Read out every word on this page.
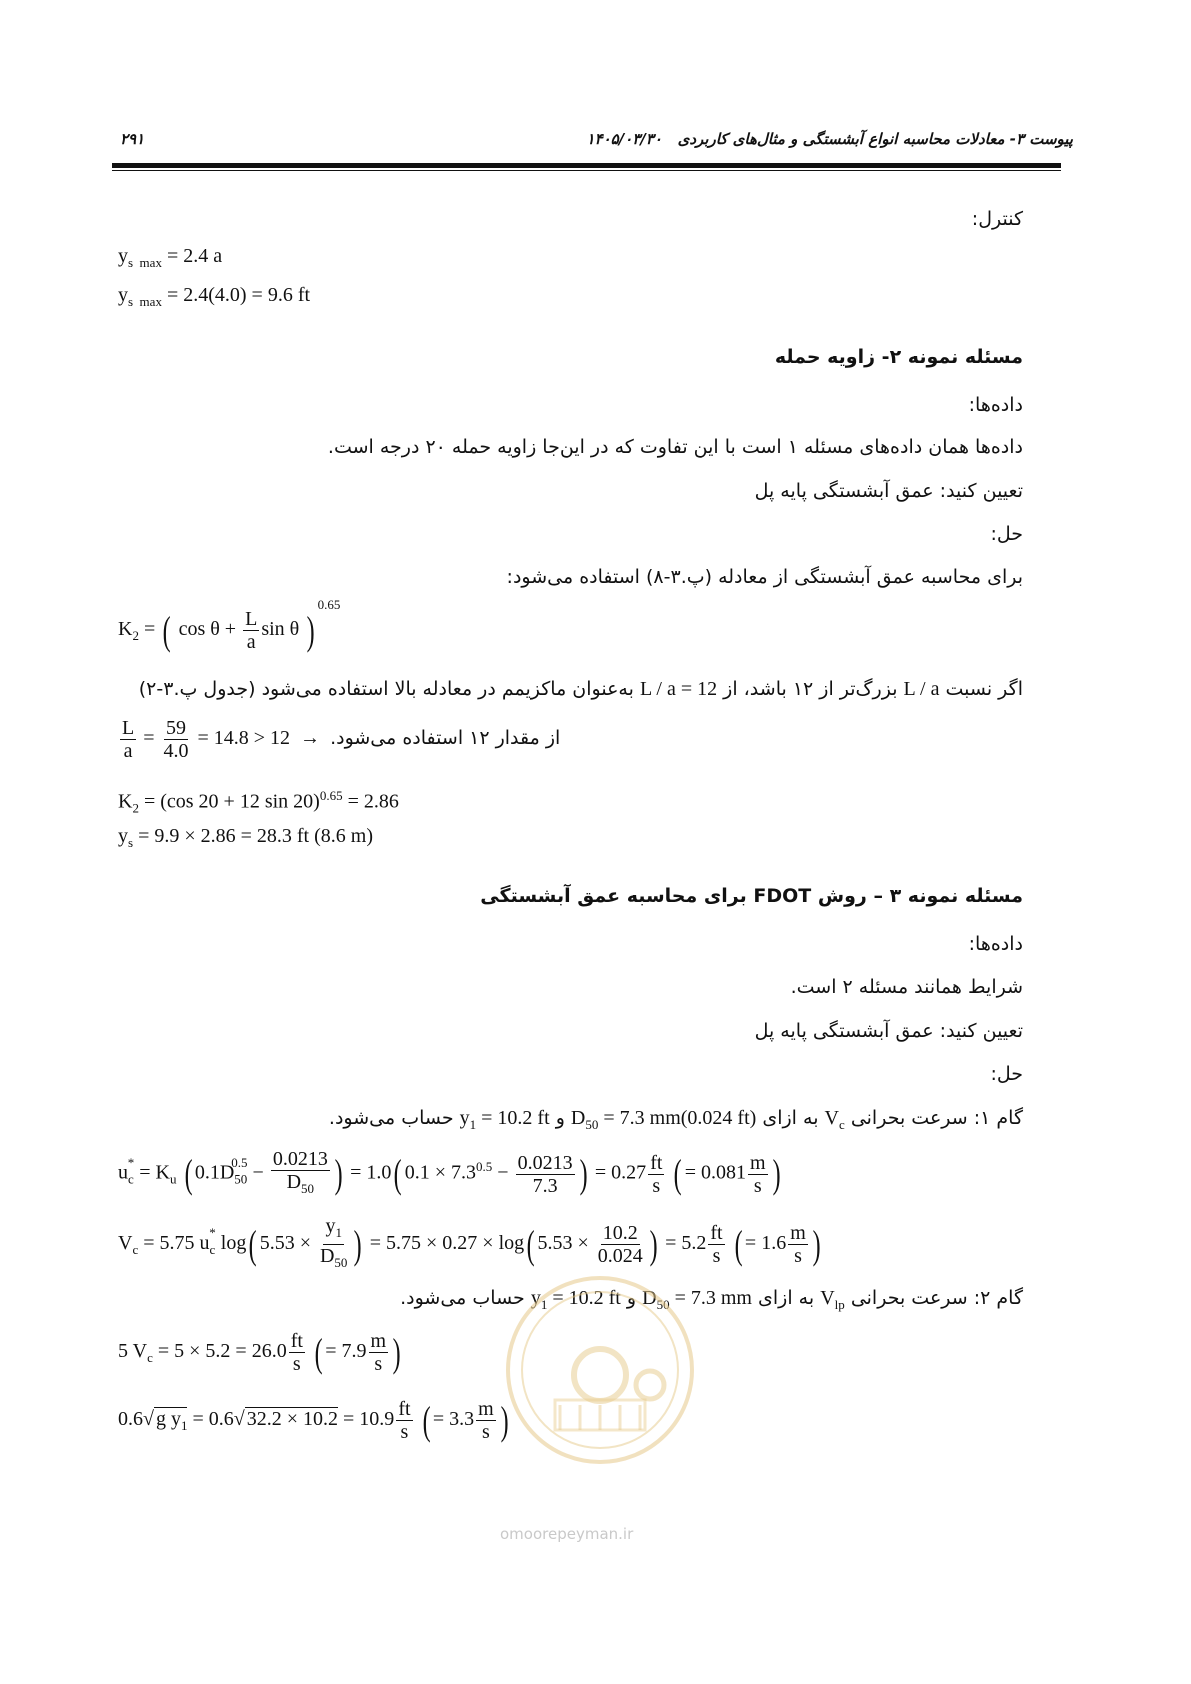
پیوست ۳- معادلات محاسبه انواع آبشستگی و مثال‌های کاربردی   ۱۴۰۵/۰۳/۳۰
۲۹۱
کنترل:
$y_{s max} = 2.4$ a
$y_{s max} = 2.4(4.0) = 9.6$ ft
مسئله نمونه ۲- زاویه حمله
داده‌ها:
داده‌ها همان داده‌های مسئله ۱ است با این تفاوت که در این‌جا زاویه حمله ۲۰ درجه است.
تعیین کنید: عمق آبشستگی پایه پل
حل:
برای محاسبه عمق آبشستگی از معادله (پ.۳-۸) استفاده می‌شود:
$K_2$ = ( $\cos \theta + \frac{L}{a}$ sin θ )$^{0.65}$
اگر نسبت L / a بزرگ‌تر از ۱۲ باشد، از L / a = 12 به‌عنوان ماکزیمم در معادله بالا استفاده می‌شود (جدول پ.۳-۲)
$\frac{L}{a} = \frac{59}{4.0} = 14.8 > 12$  →  از مقدار ۱۲ استفاده می‌شود.
$K_2 = (\cos$ 20 + 12 sin 20)$^{0.65}$ = 2.86
$y_s = 9.9 \times 2.86 = 28.3$ ft (8.6 m)
مسئله نمونه ۳ – روش FDOT برای محاسبه عمق آبشستگی
داده‌ها:
شرایط همانند مسئله ۲ است.
تعیین کنید: عمق آبشستگی پایه پل
حل:
گام ۱: سرعت بحرانی $V_c$ به ازای $D_{50} = 7.3$ mm(0.024 ft) و $y_1 = 10.2$ ft حساب می‌شود.
$u_c^* = K_u$ ( $0.1D_{50}^{0.5} - \frac{0.0213}{D_{50}}$ ) = 1.0( $0.1 \times 7.3^{0.5} - \frac{0.0213}{7.3}$ ) = $0.27 \frac{ft}{s}$ ( = $0.081 \frac{m}{s}$ )
$V_c = 5.75$ $u_c^*$ log( $5.53 \times \frac{y_1}{D_{50}}$ ) = 5.75 × 0.27 × log( $5.53 \times \frac{10.2}{0.024}$ ) = $5.2 \frac{ft}{s}$ ( = $1.6 \frac{m}{s}$ )
گام ۲: سرعت بحرانی $V_{lp}$ به ازای $D_{50} = 7.3$ mm و $y_1 = 10.2$ ft حساب می‌شود.
5 $V_c = 5 \times 5.2 = 26.0 \frac{ft}{s}$ ( = $7.9 \frac{m}{s}$ )
0.6√ g $y_1 = 0.6√$ $32.2 \times 10.2 = 10.9 \frac{ft}{s}$ ( = $3.3 \frac{m}{s}$ )
omoorepeyman.ir
